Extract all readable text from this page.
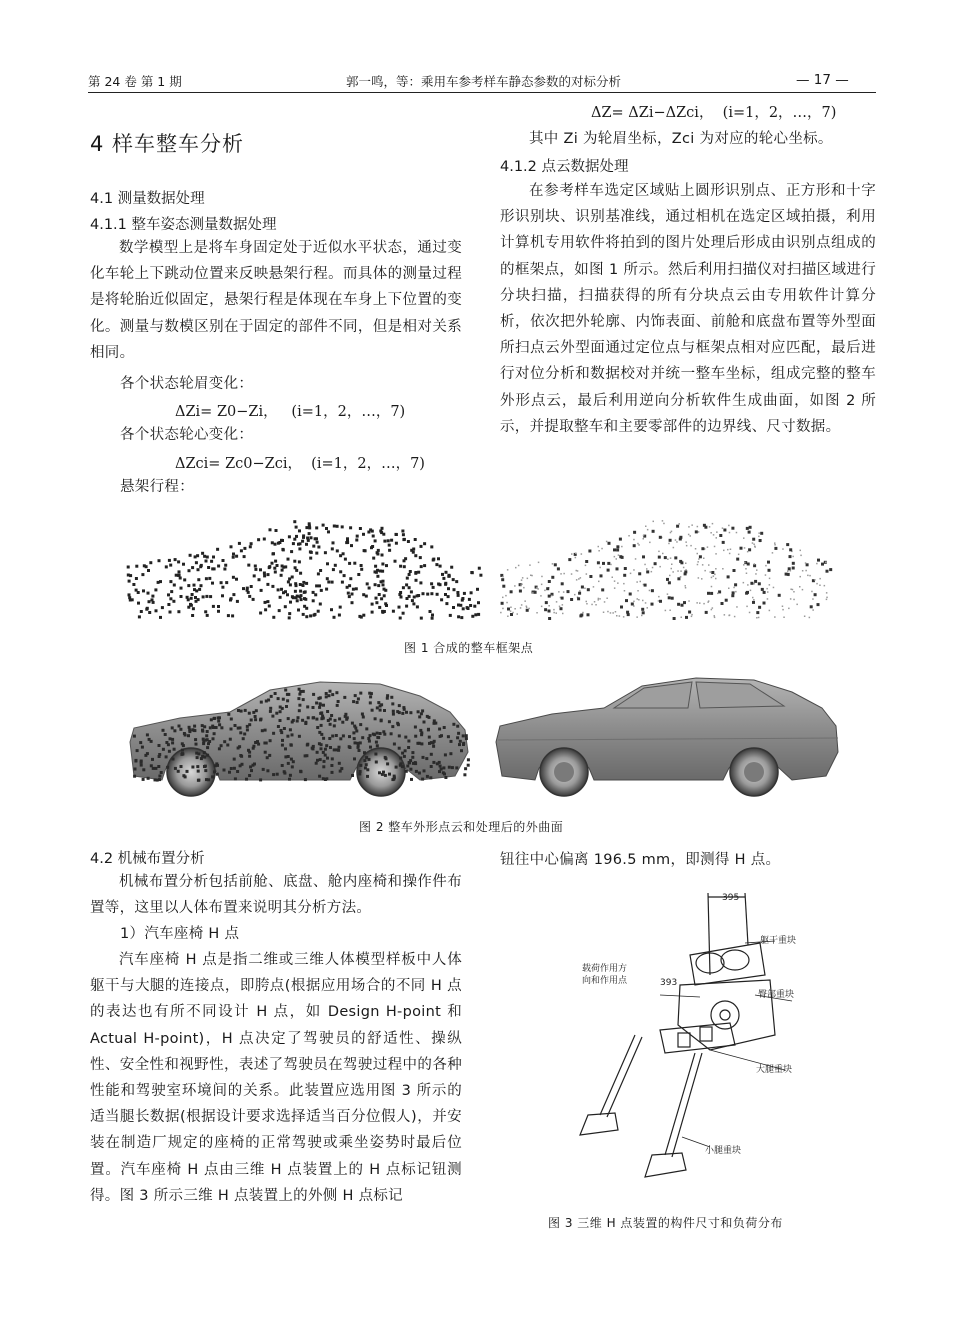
第 24 卷 第 1 期	郭一鸣，等：乘用车参考样车静态参数的对标分析	— 17 —
ΔZ= ΔZi−ΔZci，  (i=1，2，…，7)

其中 Zi 为轮眉坐标，Zci 为对应的轮心坐标。

4 样车整车分析
4.1 测量数据处理
4.1.1 整车姿态测量数据处理

数学模型上是将车身固定处于近似水平状态，通过变化车轮上下跳动位置来反映悬架行程。而具体的测量过程是将轮胎近似固定，悬架行程是体现在车身上下位置的变化。测量与数模区别在于固定的部件不同，但是相对关系相同。

各个状态轮眉变化：
ΔZi= Z0−Zi，   (i=1，2，…，7)
各个状态轮心变化：
ΔZci= Zc0−Zci，  (i=1，2，…，7)
悬架行程：
4.1.2 点云数据处理

在参考样车选定区域贴上圆形识别点、正方形和十字形识别块、识别基准线，通过相机在选定区域拍摄，利用计算机专用软件将拍到的图片处理后形成由识别点组成的的框架点，如图 1 所示。然后利用扫描仪对扫描区域进行分块扫描，扫描获得的所有分块点云由专用软件计算分析，依次把外轮廓、内饰表面、前舱和底盘布置等外型面所扫点云外型面通过定位点与框架点相对应匹配，最后进行对位分析和数据校对并统一整车坐标，组成完整的整车外形点云，最后利用逆向分析软件生成曲面，如图 2 所示，并提取整车和主要零部件的边界线、尺寸数据。

图 1 合成的整车框架点
图 2 整车外形点云和处理后的外曲面
4.2 机械布置分析

机械布置分析包括前舱、底盘、舱内座椅和操作件布置等，这里以人体布置来说明其分析方法。

1）汽车座椅 H 点

汽车座椅 H 点是指二维或三维人体模型样板中人体躯干与大腿的连接点，即胯点(根据应用场合的不同 H 点的表达也有所不同设计 H 点，如 Design H-point 和 Actual H-point)，H 点决定了驾驶员的舒适性、操纵性、安全性和视野性，表述了驾驶员在驾驶过程中的各种性能和驾驶室环境间的关系。此装置应选用图 3 所示的适当腿长数据(根据设计要求选择适当百分位假人)，并安装在制造厂规定的座椅的正常驾驶或乘坐姿势时最后位置。汽车座椅 H 点由三维 H 点装置上的 H 点标记钮测得。图 3 所示三维 H 点装置上的外侧 H 点标记

钮往中心偏离 196.5 mm，即测得 H 点。
395
393
躯干重块
载荷作用方
向和作用点
臀部重块
大腿重块
小腿重块
图 3 三维 H 点装置的构件尺寸和负荷分布
